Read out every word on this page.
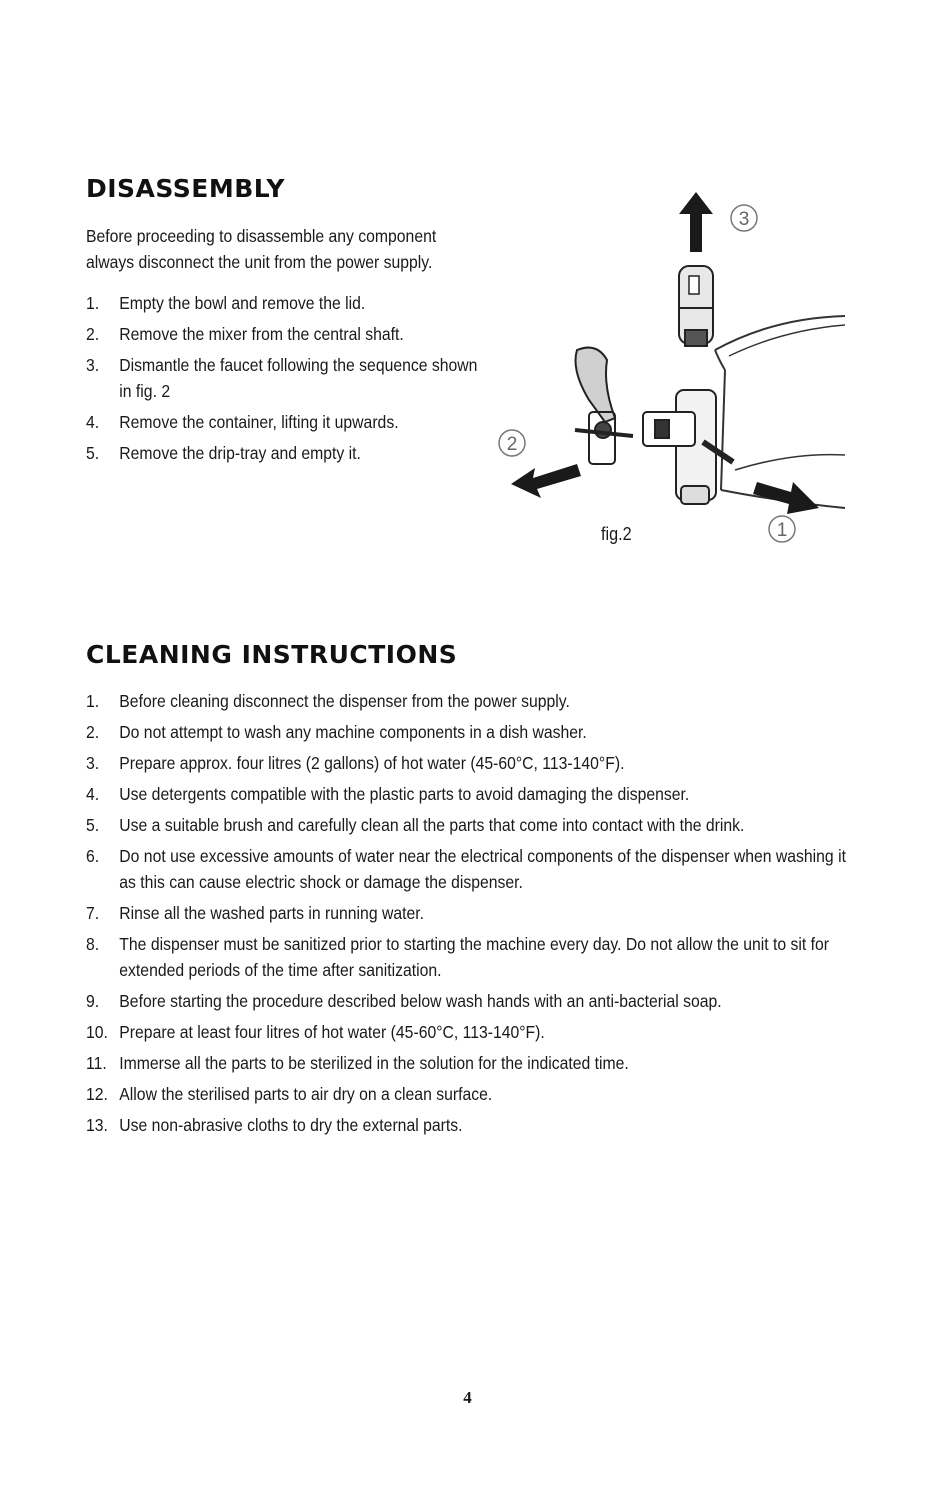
DISASSEMBLY

Before proceeding to disassemble any component always disconnect the unit from the power supply.

1. Empty the bowl and remove the lid.
2. Remove the mixer from the central shaft.
3. Dismantle the faucet following the sequence shown in fig. 2
4. Remove the container, lifting it upwards.
5. Remove the drip-tray and empty it.
3
2
1
fig.2
CLEANING INSTRUCTIONS
1. Before cleaning disconnect the dispenser from the power supply.
2. Do not attempt to wash any machine components in a dish washer.
3. Prepare approx. four litres (2 gallons) of hot water (45-60°C, 113-140°F).
4. Use detergents compatible with the plastic parts to avoid damaging the dispenser.
5. Use a suitable brush and carefully clean all the parts that come into contact with the drink.
6. Do not use excessive amounts of water near the electrical components of the dispenser when washing it as this can cause electric shock or damage the dispenser.
7. Rinse all the washed parts in running water.
8. The dispenser must be sanitized prior to starting the machine every day. Do not allow the unit to sit for extended periods of the time after sanitization.
9. Before starting the procedure described below wash hands with an anti-bacterial soap.
10. Prepare at least four litres of hot water (45-60°C, 113-140°F).
11. Immerse all the parts to be sterilized in the solution for the indicated time.
12. Allow the sterilised parts to air dry on a clean surface.
13. Use non-abrasive cloths to dry the external parts.
4
